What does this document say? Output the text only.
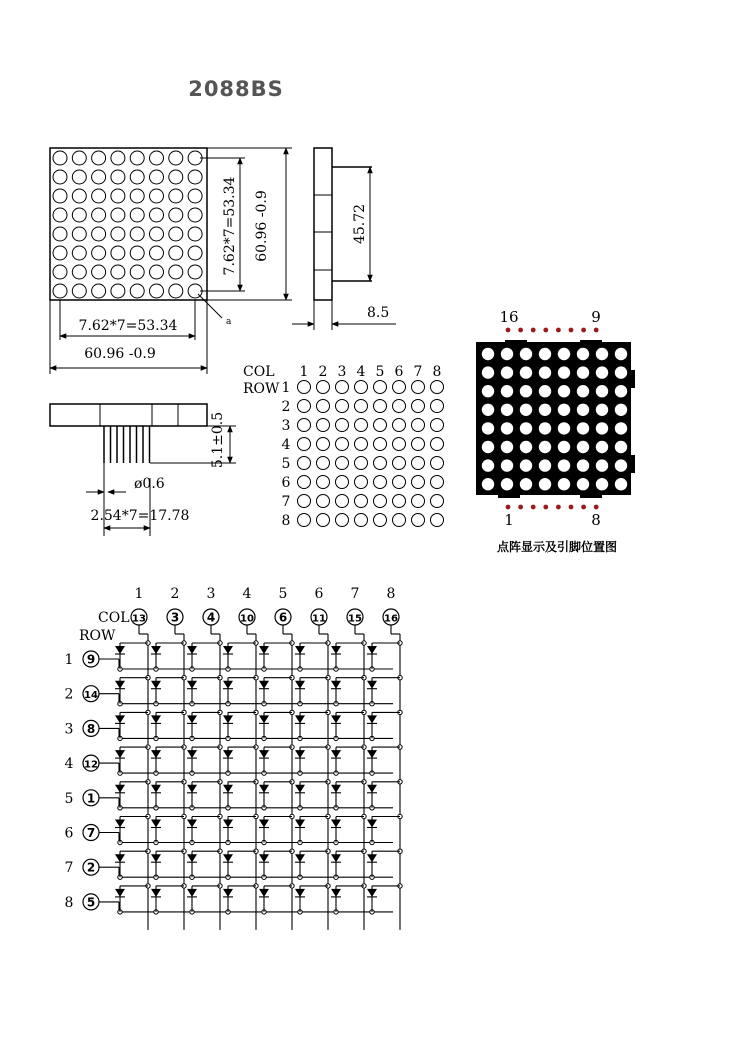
2088BS
7.62*7=53.34
60.96 -0.9
7.62*7=53.34 60.96 -0.9
a
45.72
8.5
5.1±0.5
ø0.6
2.54*7=17.78
COL
ROW
1 2 3 4 5 6 7 8
1
2
3
4
5
6
7
8
16	9
1	8
点阵显示及引脚位置图
COL
ROW
1 2 3 4 5 6 7 8
13 3 4 10 6 11 15 16
1
2
3
4
5
6
7
8
9
14
8
12
1
7
2
5
